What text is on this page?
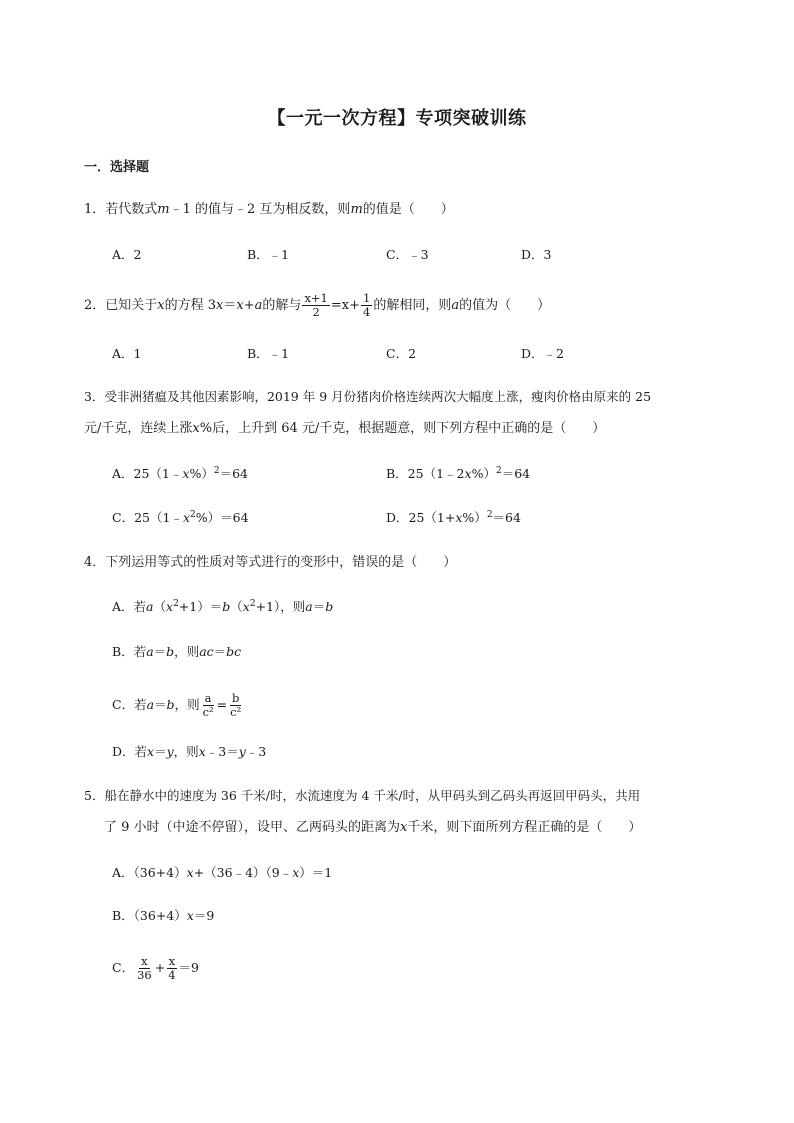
【一元一次方程】专项突破训练
一．选择题
1．若代数式m﹣1 的值与﹣2 互为相反数，则m的值是（　　）
A．2	B．﹣1	C．﹣3	D．3
2．已知关于x的方程 3x＝x+a的解与 $\frac{x+1}{2} =x+ \frac{1}{4}$ 的解相同，则a的值为（　　）
A．1	B．﹣1	C．2	D．﹣2
3．受非洲猪瘟及其他因素影响，2019 年 9 月份猪肉价格连续两次大幅度上涨，瘦肉价格由原来的 25
元/千克，连续上涨x%后，上升到 64 元/千克，根据题意，则下列方程中正确的是（　　）
A．25（1﹣x%）$^2$＝64	B．25（1﹣2x%）$^2$＝64
C．$25(1﹣x^2\%)=64$	D．$25(1+x\%)^2=64$
4．下列运用等式的性质对等式进行的变形中，错误的是（　　）
A．若$a(x^2+1)=b(x^2+1)$，则a＝b
B．若a＝b，则ac＝bc
C．若a＝b，则 $\frac{a}{\text{c²}} = \frac{b}{\text{c²}}$
D．若x＝y，则x﹣3＝y﹣3
5．船在静水中的速度为 36 千米/时，水流速度为 4 千米/时，从甲码头到乙码头再返回甲码头，共用
了 9 小时（中途不停留），设甲、乙两码头的距离为x千米，则下面所列方程正确的是（　　）
A．（36+4）x+（36﹣4）（9﹣x）＝1
B．（36+4）x＝9
C． $\frac{x}{36} + \frac{x}{4} =9$
